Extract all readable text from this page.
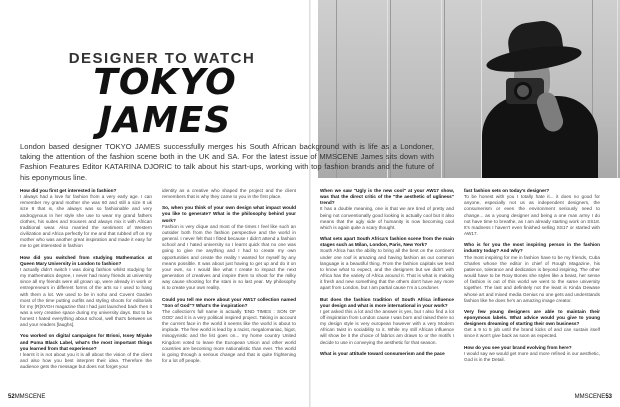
DESIGNER TO WATCH
TOKYO
JAMES

London based designer TOKYO JAMES successfully merges his South African background with is life as a Londoner, taking the attention of the fashion scene both in the UK and SA. For the latest issue of MMSCENE James sits down with Fashion Features Editor KATARINA DJORIC to talk about his start-ups, working with top fashion brands and the future of his eponymous line.

How did you first get interested in fashion?
I always had a love for fashion from a very early age. I can remember my grand mother she was 60 and still a size 8 uk size 8 that is, she always was so fashionable and very androgynous in her style she use to wear my grand fathers clothes, his suites and trousers and always mix it with African traditional wear. Also married the sentiment of Western civilization and Africa perfectly for me and that rubbed off on my mother who was another great inspiration and made it easy for me to get interested in fashion
How did you switched from studying Mathematics at Queen Mary University in London to fashion?
I actually didn't switch I was doing fashion whilst studying for my mathematics degree, I never had many friends at university since all my friends were all grown up, were already in work or entrepreneurs in different forms of the arts so I used to hang with them a lot. We used to be in soho and Covent Garden most of the time putting outfits and styling shoots for editorials for my [R]XVGH magazine that I had just launched back then it was a very creative space during my university days. But to be honest I hated everything about school, well that's between us and your readers [laughs].
You worked on digital campaigns for Brioni, Issey Miyake and Puma Black Label, what's the most important things you learned from that experience?
I learnt it is not about you it is all about the vision of the client and also how you best interpret their idea. Therefore the audience gets the message but does not forget your
identity as a creative who shaped the project and the client remembers that is why they came to you in the first place.
So, when you think of your own design what impact would you like to generate? What is the philosophy behind your work?
Fashion is very clique and most of the times I feel like such an outsider both from the fashion perspective and the world in general. I never felt that I fitted because I didn't attend a fashion school and I hated university so I learnt quick that no one was going to give me anything and I had to create my own opportunities and create the reality I wanted for myself by any means possible. It was about just having to get up and do it on your own, so I would like what I create to impact the next generation of creatives and inspire them to shoot for the milky way cause shooting for the stars is so last year. My philosophy is to create your own reality.
Could you tell me more about your AW17 collection named "Son of God"? What's the inspiration?
The collection's full name is actually 'END TIMES : SON OF GOD' and it is a very political inspired project. Taking in account the current face in the world it seems like the world is about to implode. The free world is lead by a racist, megalomaniac, bigot, misogynistic and the list goes on... my home country United Kingdom voted to leave the European Union and other world countries are becoming more nationalistic than ever. The world is going through a serious change and that is quite frightening for a lot off people.
When we saw "Ugly is the new cool" at your AW17 show, was that the direct critic of the "the aesthetic of ugliness" trend?
It has a double meaning, one is that we are tired of pretty and being not conventionally good looking is actually cool but it also means that the ugly side of humanity is now becoming cool which is again quite a scary thought.
What sets apart South Africa's fashion scene from the main stages such as Milan, London, Paris, New York?
South Africa has the ability to bring all the best on the continent under one roof is amazing and having fashion as our common language is a beautiful thing. From the fashion capitals we tend to know what to expect, and the designers but we didn't with Africa has the variety of Africa around it. That is what is making it fresh and new something that the others don't have any more apart from London, but I am partial cause I'm a Londoner.
But does the fashion tradition of South Africa influence your design and what is more international in your work?
I get asked this a lot and the answer is yes, but I also find a lot off inspiration from London cause I was born and raised there so my design style is very european however with a very Modern African twist in sociability to it. While my still African influence will show be it the choice of fabrics am drawn to or the motifs I decide to use in conveying the aesthetic for that season.
What is your attitude toward consumerism and the pace
fast fashion sets on today's designer?
To be honest with you I totally hate it... it does no good for anyone, especially not us as independent designers, the consumerism or even the environment seriously need to change... as a young designer and being a one man army I do not have time to breathe, as I am already starting work on SS18. It's madness I haven't even finished selling SS17 or started with AW17.
Who is for you the most inspiring person in the fashion industry today? And why?
The most inspiring for me in fashion have to be my friends, Cuba Charles whose the editor in chief of Rough Magazine, his patience, tolerance and dedication is beyond inspiring. The other would have to be Roxy Bones she styles like a beast, her sense of fashion is out of this world we went to the same university together. The last and definitely not the least is Kinda Dewase whose art and mixed media Genius no one gets and understands fashion like he does he's an amazing image creator.
Very few young designers are able to maintain their eponymous labels. What advice would you give to young designers dreaming of starting their own business?
Get a 9 to 5 job until the brand kicks of and can sustain itself since it won't give back as soon as expected.
How do you see your brand evolving from here?
I would say we would get more and more refined in our aesthetic, God is in the Detail.
52MMSCENE	MMSCENE53
